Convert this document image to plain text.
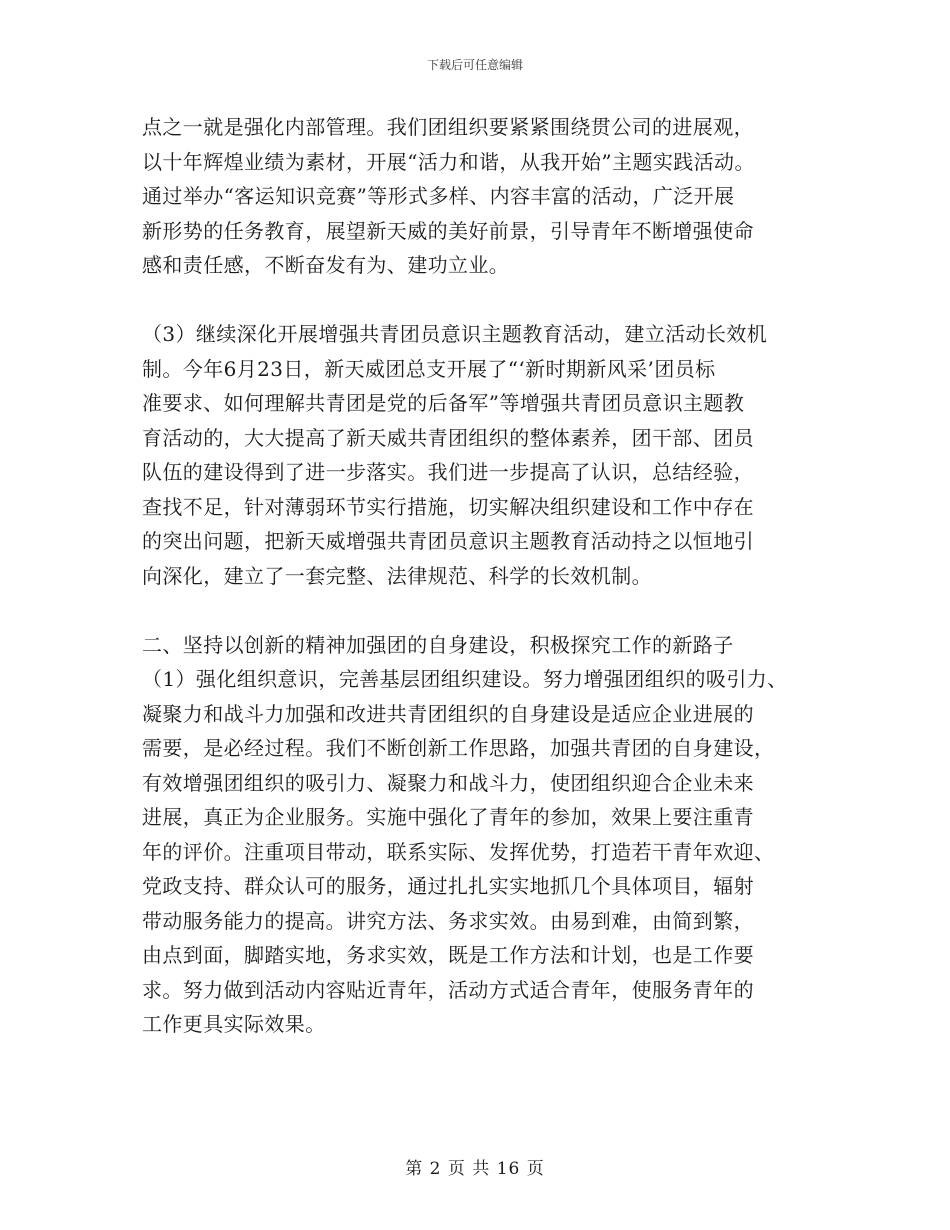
下载后可任意编辑
点之一就是强化内部管理。我们团组织要紧紧围绕贯公司的进展观，
以十年辉煌业绩为素材，开展“活力和谐，从我开始”主题实践活动。
通过举办“客运知识竞赛”等形式多样、内容丰富的活动，广泛开展
新形势的任务教育，展望新天威的美好前景，引导青年不断增强使命
感和责任感，不断奋发有为、建功立业。
（3）继续深化开展增强共青团员意识主题教育活动，建立活动长效机
制。今年6月23日，新天威团总支开展了“‘新时期新风采’团员标
准要求、如何理解共青团是党的后备军”等增强共青团员意识主题教
育活动的，大大提高了新天威共青团组织的整体素养，团干部、团员
队伍的建设得到了进一步落实。我们进一步提高了认识，总结经验，
查找不足，针对薄弱环节实行措施，切实解决组织建设和工作中存在
的突出问题，把新天威增强共青团员意识主题教育活动持之以恒地引
向深化，建立了一套完整、法律规范、科学的长效机制。
二、坚持以创新的精神加强团的自身建设，积极探究工作的新路子
（1）强化组织意识，完善基层团组织建设。努力增强团组织的吸引力、
凝聚力和战斗力加强和改进共青团组织的自身建设是适应企业进展的
需要，是必经过程。我们不断创新工作思路，加强共青团的自身建设，
有效增强团组织的吸引力、凝聚力和战斗力，使团组织迎合企业未来
进展，真正为企业服务。实施中强化了青年的参加，效果上要注重青
年的评价。注重项目带动，联系实际、发挥优势，打造若干青年欢迎、
党政支持、群众认可的服务，通过扎扎实实地抓几个具体项目，辐射
带动服务能力的提高。讲究方法、务求实效。由易到难，由简到繁，
由点到面，脚踏实地，务求实效，既是工作方法和计划，也是工作要
求。努力做到活动内容贴近青年，活动方式适合青年，使服务青年的
工作更具实际效果。
第 2 页 共 16 页
